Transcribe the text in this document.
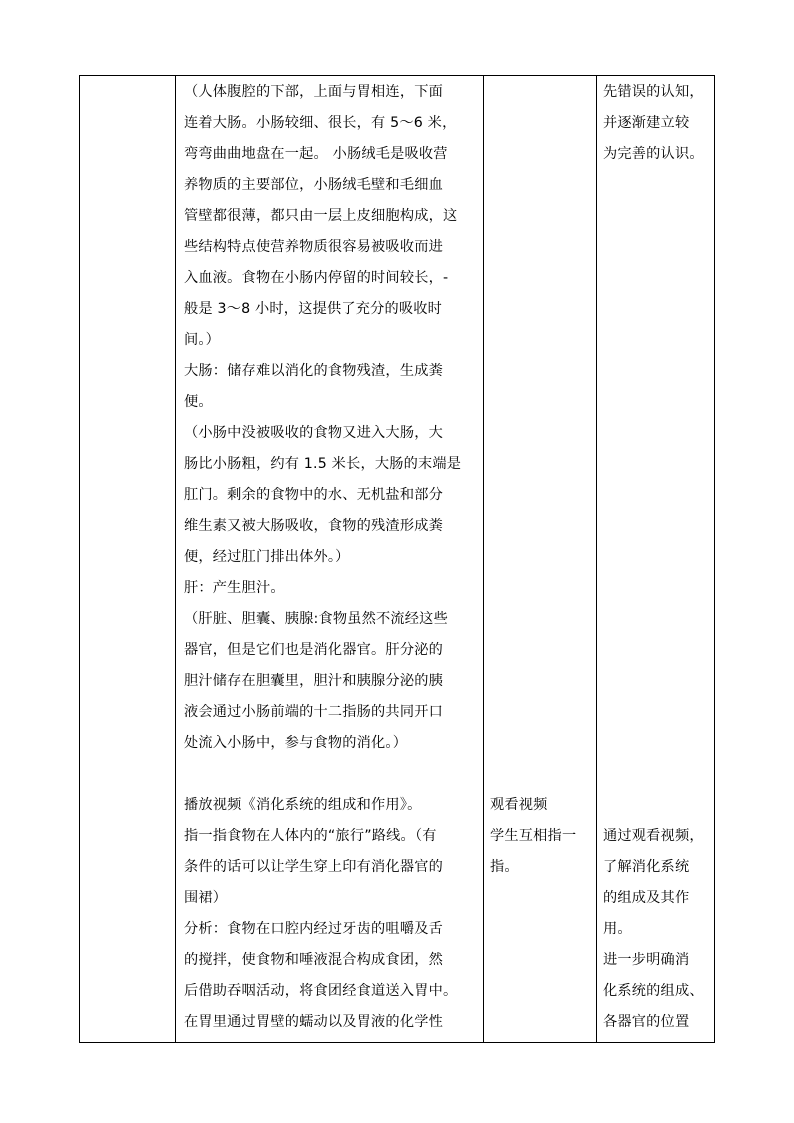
（人体腹腔的下部，上面与胃相连，下面

连着大肠。小肠较细、很长，有 5～6 米，

弯弯曲曲地盘在一起。 小肠绒毛是吸收营

养物质的主要部位，小肠绒毛壁和毛细血

管壁都很薄，都只由一层上皮细胞构成，这

些结构特点使营养物质很容易被吸收而进

入血液。食物在小肠内停留的时间较长，-

般是 3～8 小时，这提供了充分的吸收时

间。）

大肠：储存难以消化的食物残渣，生成粪

便。

（小肠中没被吸收的食物又进入大肠，大

肠比小肠粗，约有 1.5 米长，大肠的末端是

肛门。剩余的食物中的水、无机盐和部分

维生素又被大肠吸收，食物的残渣形成粪

便，经过肛门排出体外。）

肝：产生胆汁。

（肝脏、胆囊、胰腺:食物虽然不流经这些

器官，但是它们也是消化器官。肝分泌的

胆汁储存在胆囊里，胆汁和胰腺分泌的胰

液会通过小肠前端的十二指肠的共同开口

处流入小肠中，参与食物的消化。）

播放视频《消化系统的组成和作用》。

指一指食物在人体内的“旅行”路线。（有

条件的话可以让学生穿上印有消化器官的

围裙）

分析：食物在口腔内经过牙齿的咀嚼及舌

的搅拌，使食物和唾液混合构成食团，然

后借助吞咽活动，将食团经食道送入胃中。

在胃里通过胃壁的蠕动以及胃液的化学性

观看视频

学生互相指一

指。

先错误的认知，

并逐渐建立较

为完善的认识。

通过观看视频，

了解消化系统

的组成及其作

用。

进一步明确消

化系统的组成、

各器官的位置
